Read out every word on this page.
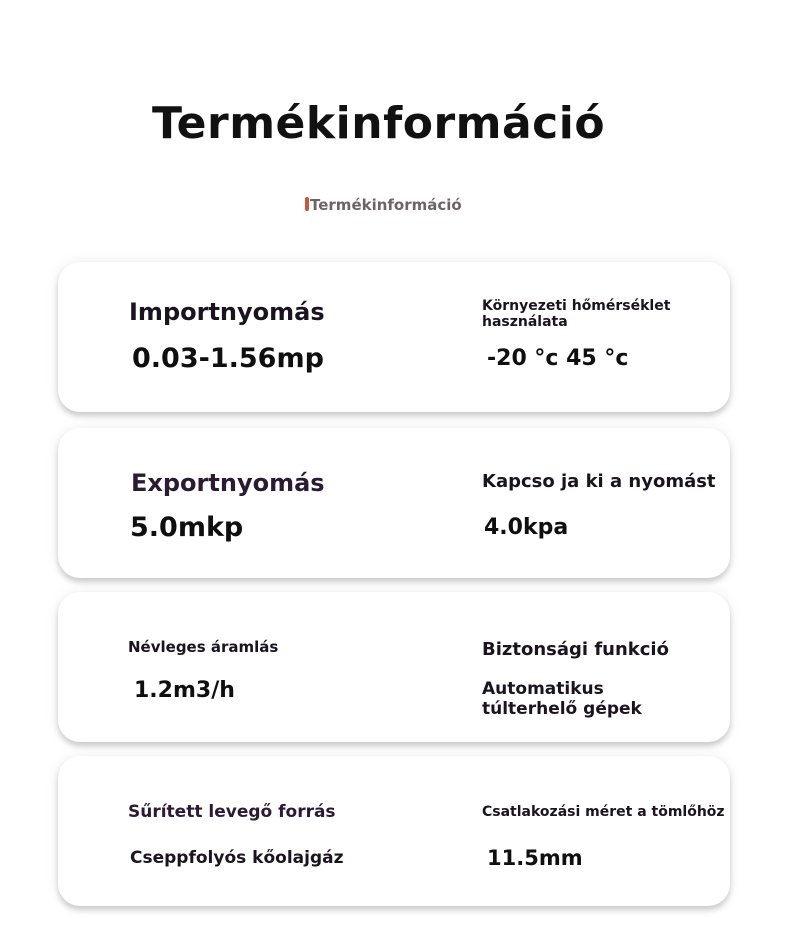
Termékinformáció
Termékinformáció
Importnyomás
0.03-1.56mp
Környezeti hőmérséklet használata
-20 °c 45 °c
Exportnyomás
5.0mkp
Kapcso ja ki a nyomást
4.0kpa
Névleges áramlás
1.2m3/h
Biztonsági funkció
Automatikus túlterhelő gépek
Sűrített levegő forrás
Cseppfolyós kőolajgáz
Csatlakozási méret a tömlőhöz
11.5mm
